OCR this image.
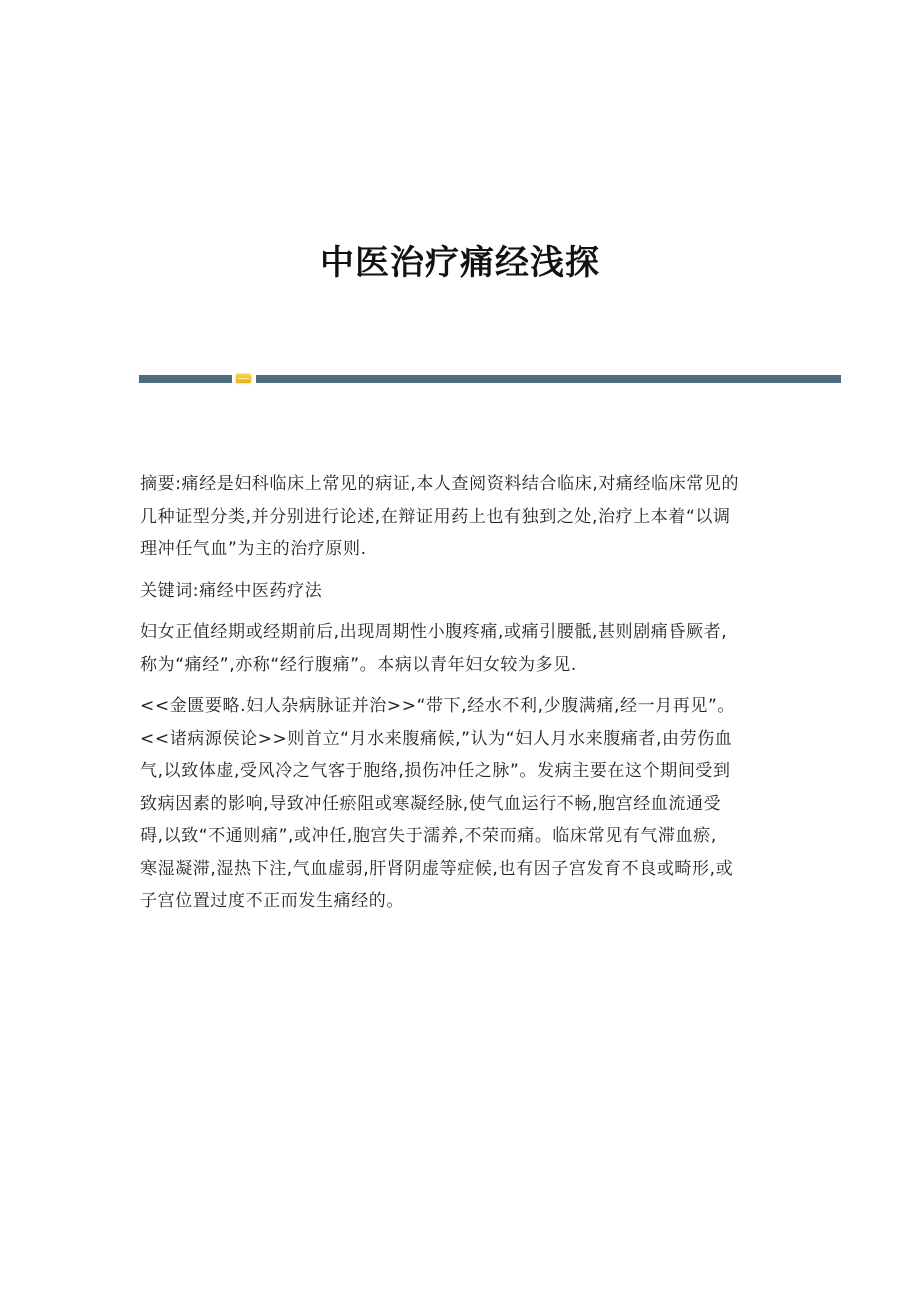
中医治疗痛经浅探

摘要:痛经是妇科临床上常见的病证,本人查阅资料结合临床,对痛经临床常见的
几种证型分类,并分别进行论述,在辩证用药上也有独到之处,治疗上本着“以调
理冲任气血”为主的治疗原则.

关键词:痛经中医药疗法

妇女正值经期或经期前后,出现周期性小腹疼痛,或痛引腰骶,甚则剧痛昏厥者,
称为“痛经”,亦称“经行腹痛”。本病以青年妇女较为多见.

<<金匮要略.妇人杂病脉证并治>>“带下,经水不利,少腹满痛,经一月再见”。
<<诸病源侯论>>则首立“月水来腹痛候,”认为“妇人月水来腹痛者,由劳伤血
气,以致体虚,受风冷之气客于胞络,损伤冲任之脉”。发病主要在这个期间受到
致病因素的影响,导致冲任瘀阻或寒凝经脉,使气血运行不畅,胞宫经血流通受
碍,以致“不通则痛”,或冲任,胞宫失于濡养,不荣而痛。临床常见有气滞血瘀,
寒湿凝滞,湿热下注,气血虚弱,肝肾阴虚等症候,也有因子宫发育不良或畸形,或
子宫位置过度不正而发生痛经的。
